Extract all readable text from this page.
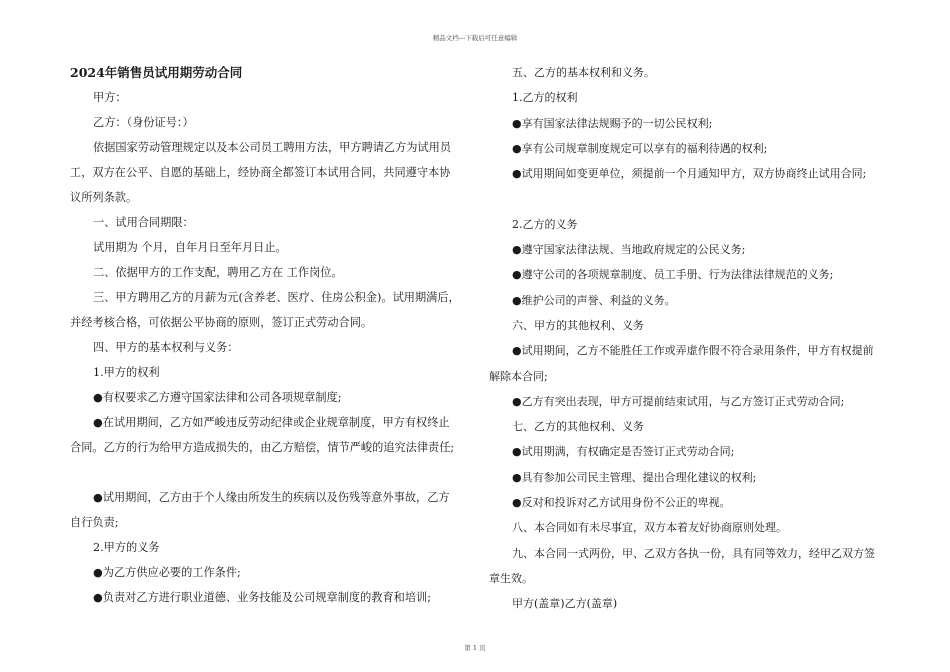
精品文档---下载后可任意编辑

2024年销售员试用期劳动合同

甲方：

乙方：（身份证号：）

依据国家劳动管理规定以及本公司员工聘用方法，甲方聘请乙方为试用员工，双方在公平、自愿的基础上，经协商全都签订本试用合同，共同遵守本协议所列条款。

一、试用合同期限：

试用期为 个月，自年月日至年月日止。

二、依据甲方的工作支配，聘用乙方在 工作岗位。

三、甲方聘用乙方的月薪为元(含养老、医疗、住房公积金)。试用期满后，并经考核合格，可依据公平协商的原则，签订正式劳动合同。

四、甲方的基本权利与义务：

1.甲方的权利

●有权要求乙方遵守国家法律和公司各项规章制度;

●在试用期间，乙方如严峻违反劳动纪律或企业规章制度，甲方有权终止合同。乙方的行为给甲方造成损失的，由乙方赔偿，情节严峻的追究法律责任;

●试用期间，乙方由于个人缘由所发生的疾病以及伤残等意外事故，乙方自行负责;

2.甲方的义务

●为乙方供应必要的工作条件;

●负责对乙方进行职业道德、业务技能及公司规章制度的教育和培训;

五、乙方的基本权利和义务。

1.乙方的权利

●享有国家法律法规赐予的一切公民权利;

●享有公司规章制度规定可以享有的福利待遇的权利;

●试用期间如变更单位，须提前一个月通知甲方，双方协商终止试用合同;

2.乙方的义务

●遵守国家法律法规、当地政府规定的公民义务;

●遵守公司的各项规章制度、员工手册、行为法律法律规范的义务;

●维护公司的声誉、利益的义务。

六、甲方的其他权利、义务

●试用期间，乙方不能胜任工作或弄虚作假不符合录用条件，甲方有权提前解除本合同;

●乙方有突出表现，甲方可提前结束试用，与乙方签订正式劳动合同;

七、乙方的其他权利、义务

●试用期满，有权确定是否签订正式劳动合同;

●具有参加公司民主管理、提出合理化建议的权利;

●反对和投诉对乙方试用身份不公正的卑视。

八、本合同如有未尽事宜，双方本着友好协商原则处理。

九、本合同一式两份，甲、乙双方各执一份，具有同等效力，经甲乙双方签章生效。

甲方(盖章)乙方(盖章)

第 1 页
